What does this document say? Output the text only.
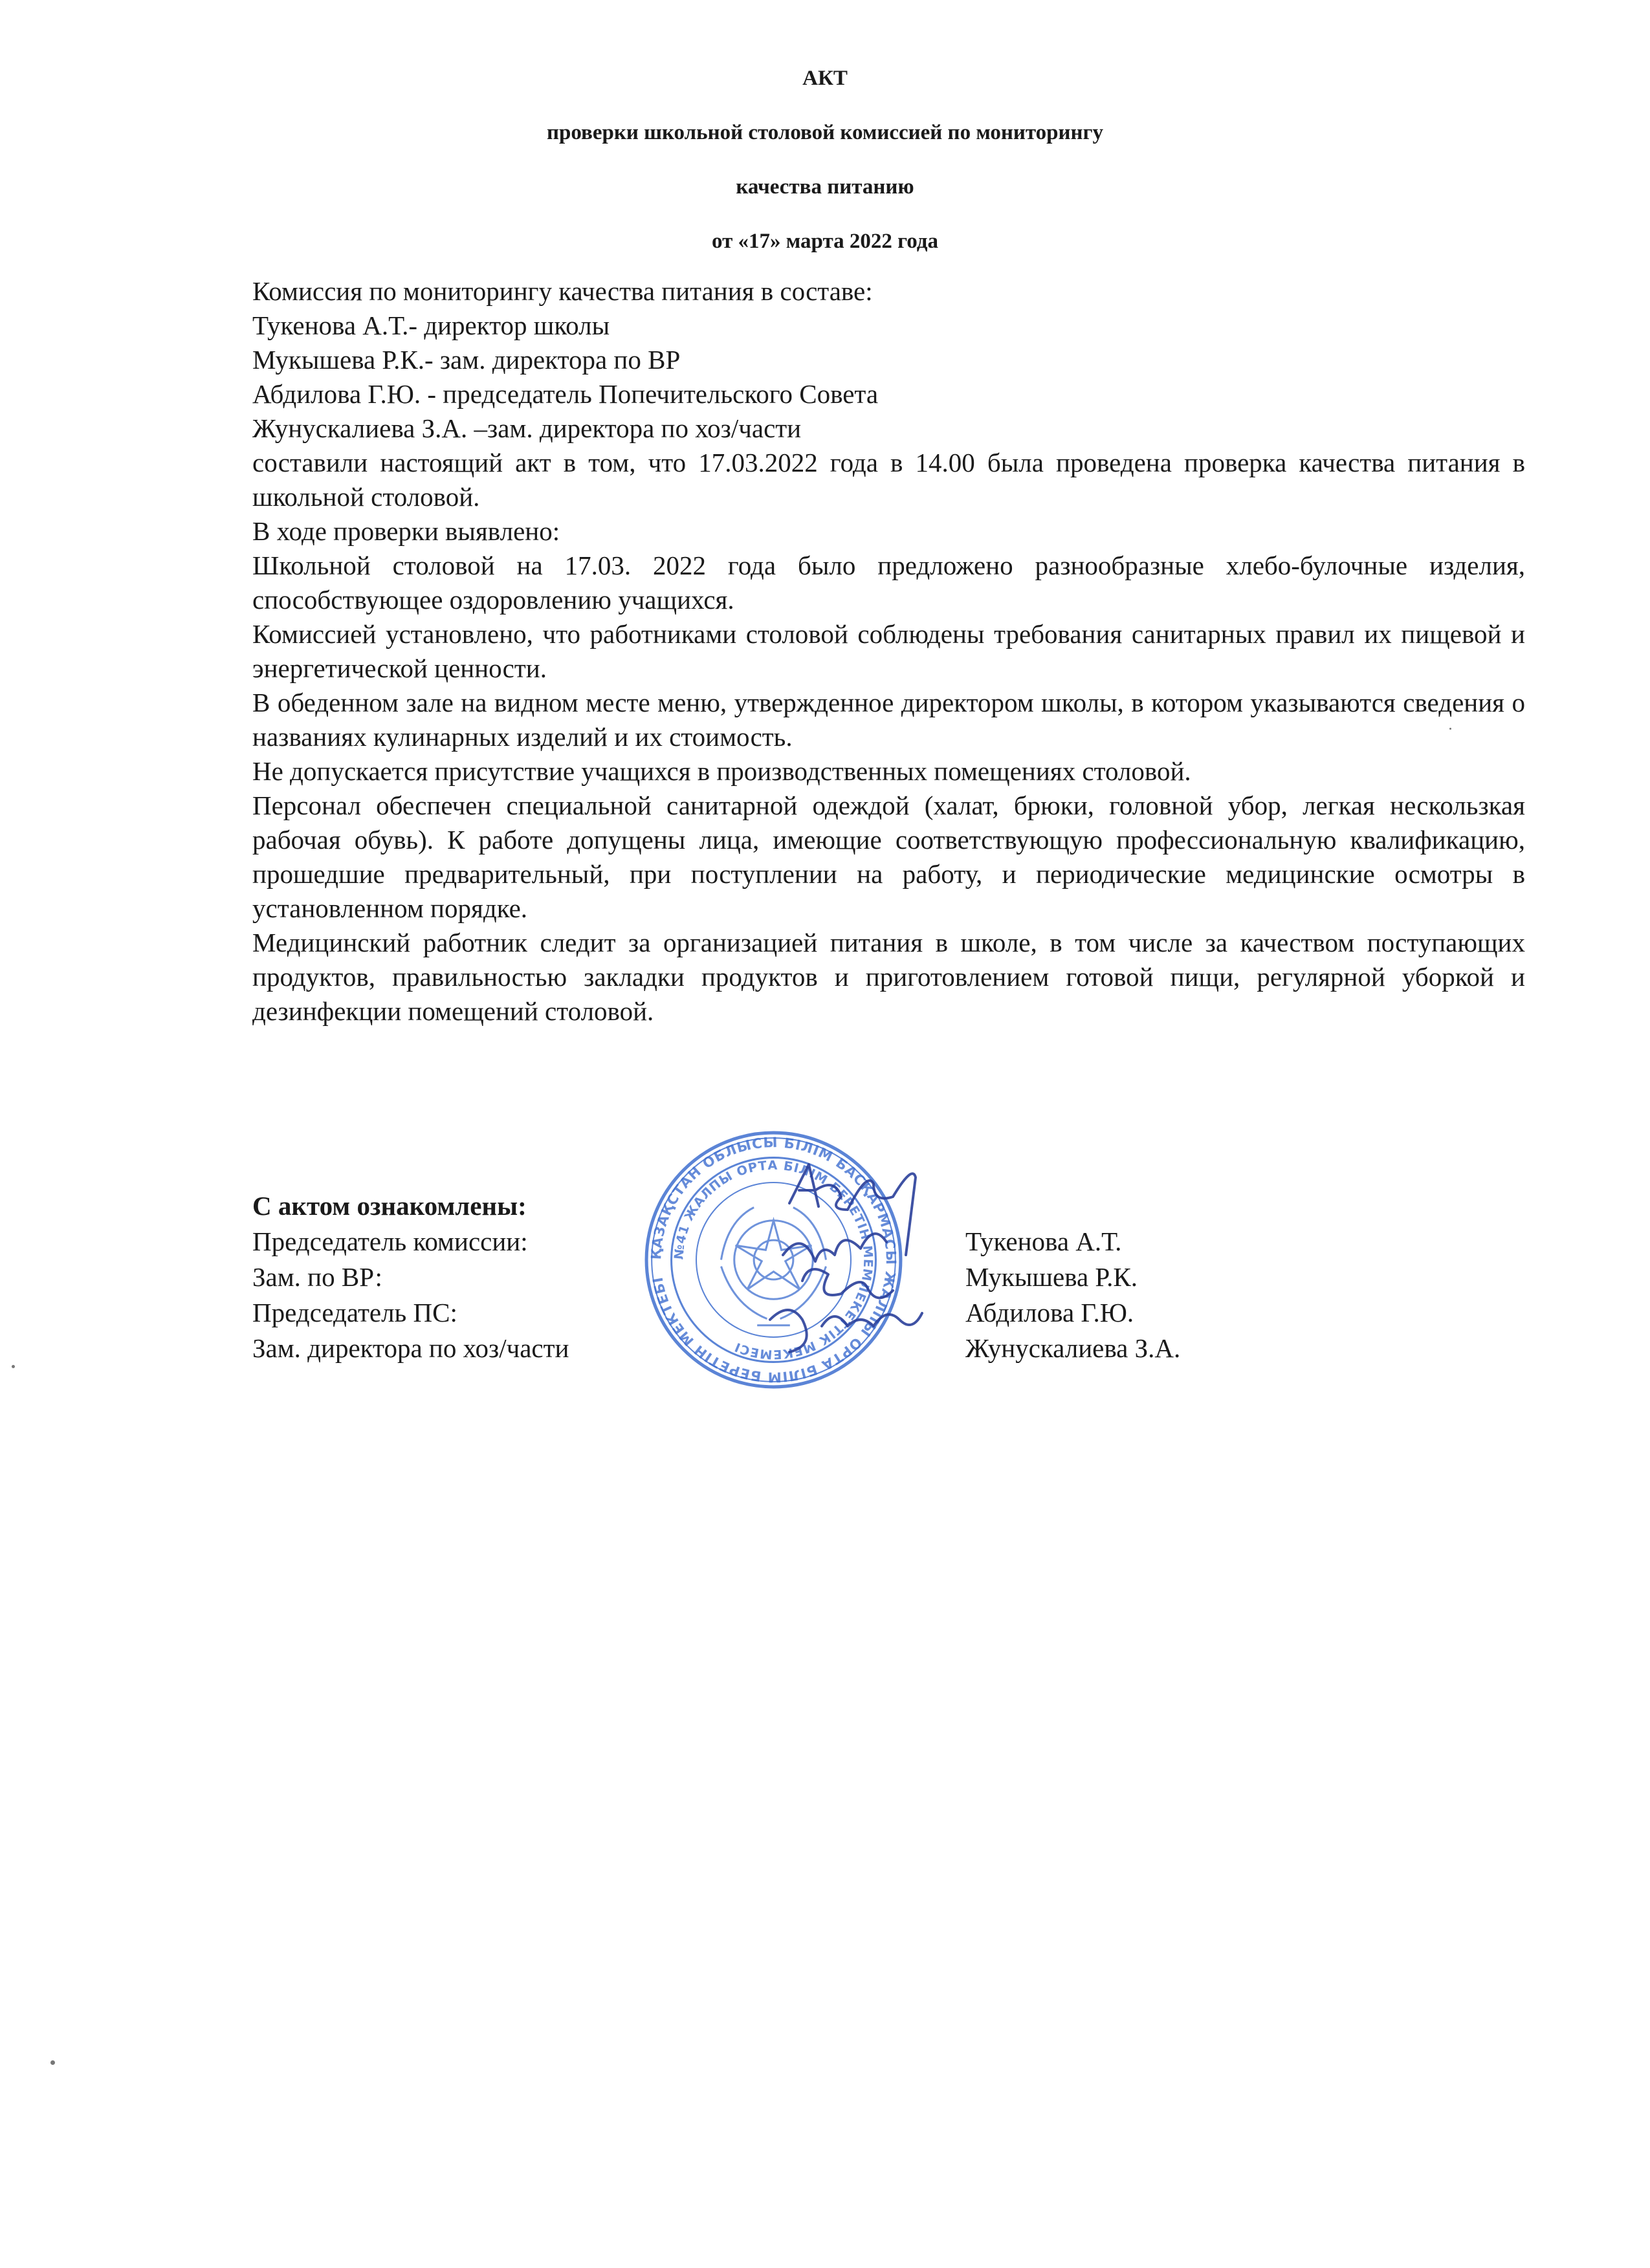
АКТ
проверки школьной столовой комиссией по мониторингу
качества питанию
от «17» марта 2022 года

Комиссия по мониторингу качества питания в составе:

Тукенова А.Т.- директор школы

Мукышева Р.К.- зам. директора по ВР

Абдилова Г.Ю. - председатель Попечительского Совета

Жунускалиева З.А. –зам. директора по хоз/части

составили настоящий акт в том, что 17.03.2022 года в 14.00 была проведена проверка качества питания в школьной столовой.

В ходе проверки выявлено:

Школьной столовой на 17.03. 2022 года было предложено разнообразные хлебо-булочные изделия, способствующее оздоровлению учащихся.

Комиссией установлено, что работниками столовой соблюдены требования санитарных правил их пищевой и энергетической ценности.

В обеденном зале на видном месте меню, утвержденное директором школы, в котором указываются сведения о названиях кулинарных изделий и их стоимость.

Не допускается присутствие учащихся в производственных помещениях столовой.

Персонал обеспечен специальной санитарной одеждой (халат, брюки, головной убор, легкая нескользкая рабочая обувь). К работе допущены лица, имеющие соответствующую профессиональную квалификацию, прошедшие предварительный, при поступлении на работу, и периодические медицинские осмотры в установленном порядке.

Медицинский работник следит за организацией питания в школе, в том числе за качеством поступающих продуктов, правильностью закладки продуктов и приготовлением готовой пищи, регулярной уборкой и дезинфекции помещений столовой.

С актом ознакомлены:
Председатель комиссии:	Тукенова А.Т.
Зам. по ВР:	Мукышева Р.К.
Председатель ПС:	Абдилова Г.Ю.
Зам. директора по хоз/части	Жунускалиева З.А.
ҚАЗАҚСТАН ОБЛЫСЫ БІЛІМ БАСҚАРМАСЫ ЖАЛПЫ ОРТА БІЛІМ БЕРЕТІН МЕКТЕБІ
№41 ЖАЛПЫ ОРТА БІЛІМ БЕРЕТІН МЕМЛЕКЕТТІК МЕКЕМЕСІ
